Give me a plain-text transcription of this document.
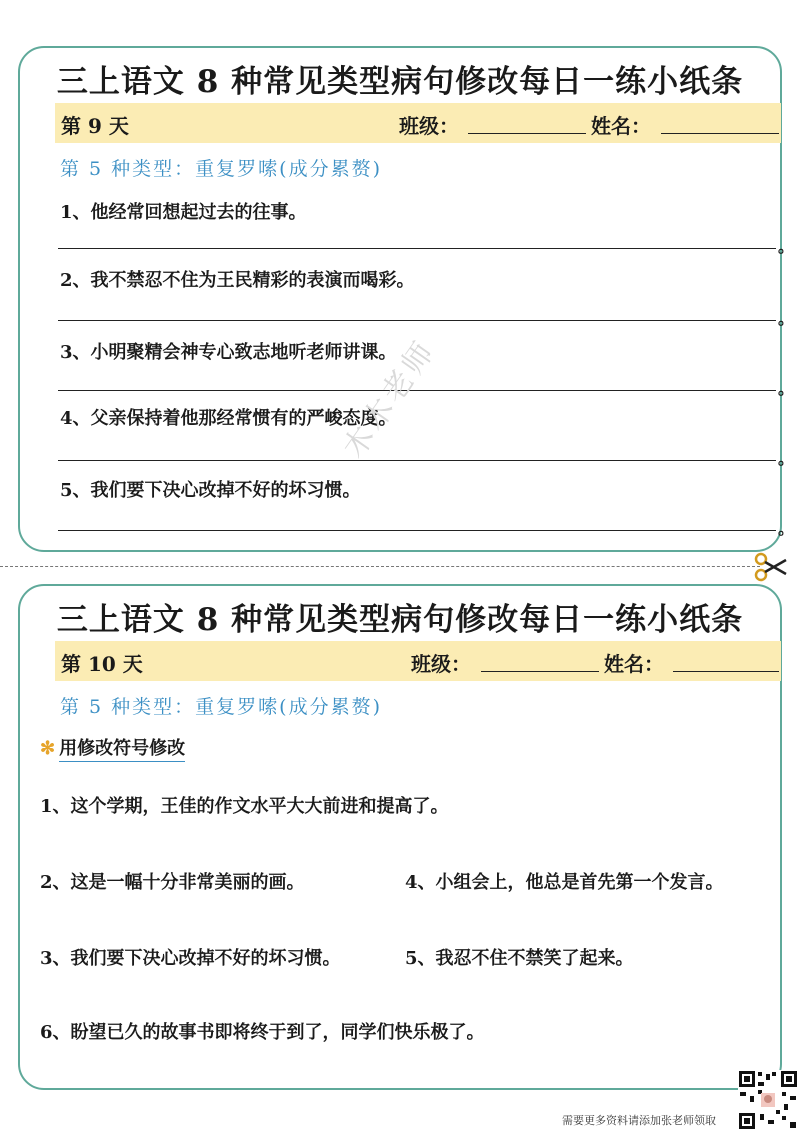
三上语文 8 种常见类型病句修改每日一练小纸条
第 9 天	班级：	姓名：
第 5 种类型：重复罗嗦(成分累赘)
1、他经常回想起过去的往事。
。
2、我不禁忍不住为王民精彩的表演而喝彩。
。
3、小明聚精会神专心致志地听老师讲课。
。
4、父亲保持着他那经常惯有的严峻态度。
。
5、我们要下决心改掉不好的坏习惯。
。
木木老师
三上语文 8 种常见类型病句修改每日一练小纸条
第 10 天	班级：	姓名：
第 5 种类型：重复罗嗦(成分累赘)
✻ 用修改符号修改
1、这个学期，王佳的作文水平大大前进和提高了。
2、这是一幅十分非常美丽的画。	4、小组会上，他总是首先第一个发言。
3、我们要下决心改掉不好的坏习惯。	5、我忍不住不禁笑了起来。
6、盼望已久的故事书即将终于到了，同学们快乐极了。
需要更多资料请添加张老师领取
